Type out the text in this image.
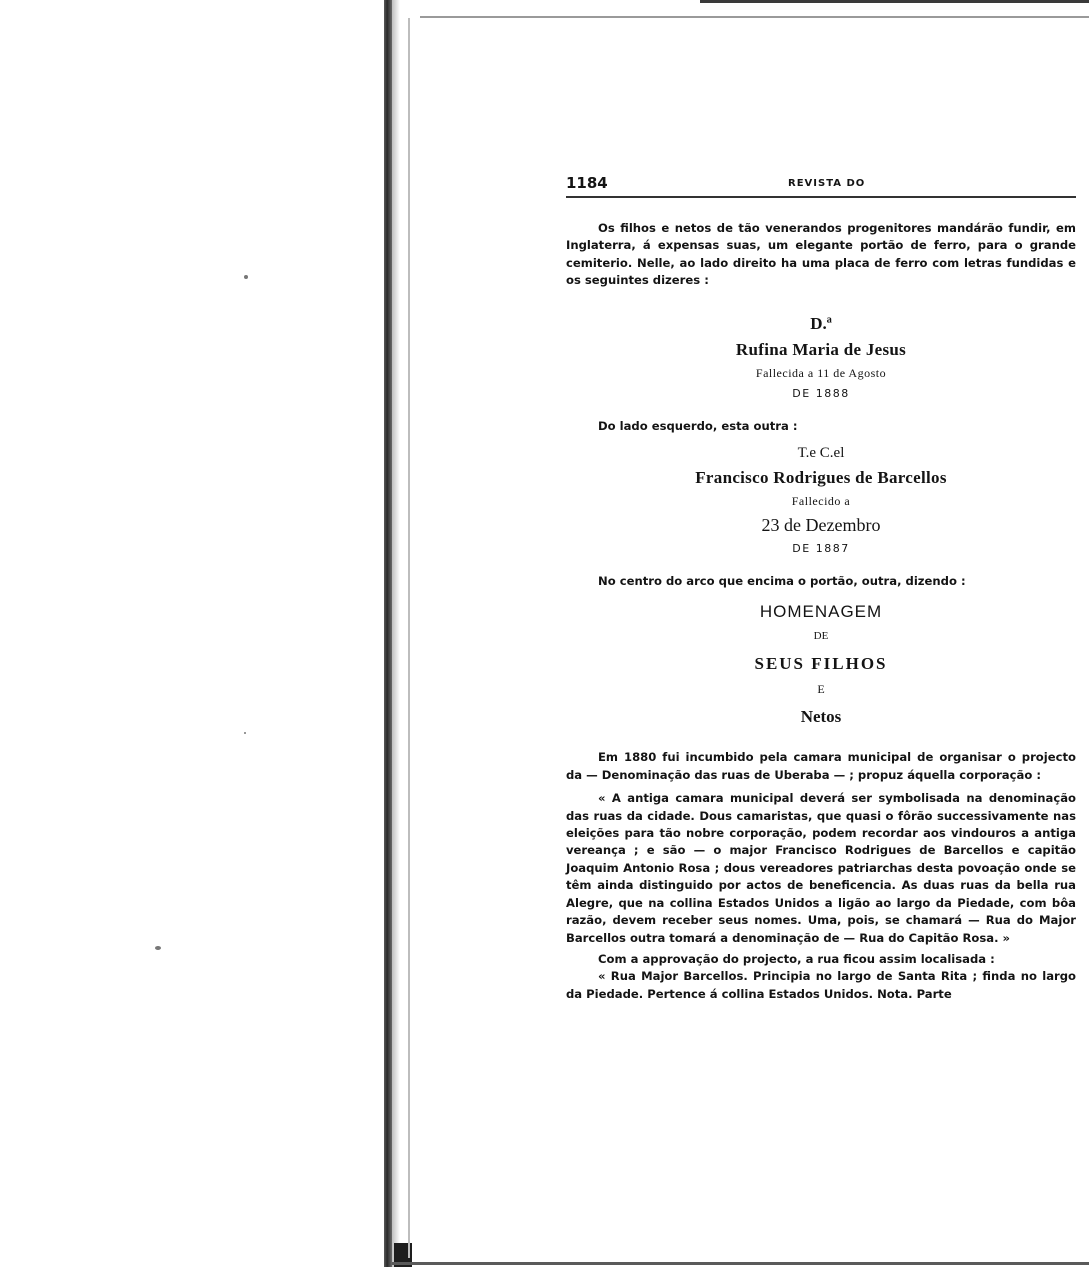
1184	REVISTA DO

Os filhos e netos de tão venerandos progenitores mandárão fundir, em Inglaterra, á expensas suas, um elegante portão de ferro, para o grande cemiterio. Nelle, ao lado direito ha uma placa de ferro com letras fundidas e os seguintes dizeres :

D.ª

Rufina Maria de Jesus

Fallecida a 11 de Agosto

DE 1888

Do lado esquerdo, esta outra :

T.e C.el

Francisco Rodrigues de Barcellos

Fallecido a

23 de Dezembro

DE 1887

No centro do arco que encima o portão, outra, dizendo :

HOMENAGEM

DE

SEUS FILHOS

E

Netos

Em 1880 fui incumbido pela camara municipal de organisar o projecto da — Denominação das ruas de Uberaba — ; propuz áquella corporação :

« A antiga camara municipal deverá ser symbolisada na denominação das ruas da cidade. Dous camaristas, que quasi o fôrão successivamente nas eleições para tão nobre corporação, podem recordar aos vindouros a antiga vereança ; e são — o major Francisco Rodrigues de Barcellos e capitão Joaquim Antonio Rosa ; dous vereadores patriarchas desta povoação onde se têm ainda distinguido por actos de beneficencia. As duas ruas da bella rua Alegre, que na collina Estados Unidos a ligão ao largo da Piedade, com bôa razão, devem receber seus nomes. Uma, pois, se chamará — Rua do Major Barcellos outra tomará a denominação de — Rua do Capitão Rosa. »

Com a approvação do projecto, a rua ficou assim localisada :

« Rua Major Barcellos. Principia no largo de Santa Rita ; finda no largo da Piedade. Pertence á collina Estados Unidos. Nota. Parte
